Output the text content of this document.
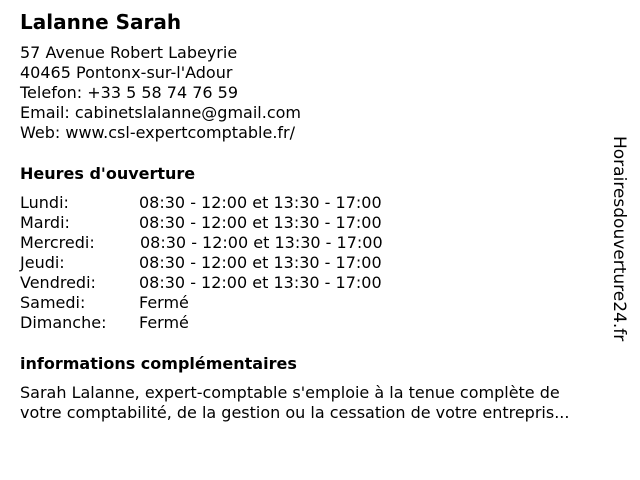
Lalanne Sarah
57 Avenue Robert Labeyrie
40465 Pontonx-sur-l'Adour
Telefon: +33 5 58 74 76 59
Email: cabinetslalanne@gmail.com
Web: www.csl-expertcomptable.fr/
Heures d'ouverture
Lundi:	08:30 - 12:00 et 13:30 - 17:00
Mardi:	08:30 - 12:00 et 13:30 - 17:00
Mercredi:	08:30 - 12:00 et 13:30 - 17:00
Jeudi:	08:30 - 12:00 et 13:30 - 17:00
Vendredi:	08:30 - 12:00 et 13:30 - 17:00
Samedi:	Fermé
Dimanche: Fermé
informations complémentaires
Sarah Lalanne, expert-comptable s'emploie à la tenue complète de
votre comptabilité, de la gestion ou la cessation de votre entrepris...
Horairesdouverture24.fr
